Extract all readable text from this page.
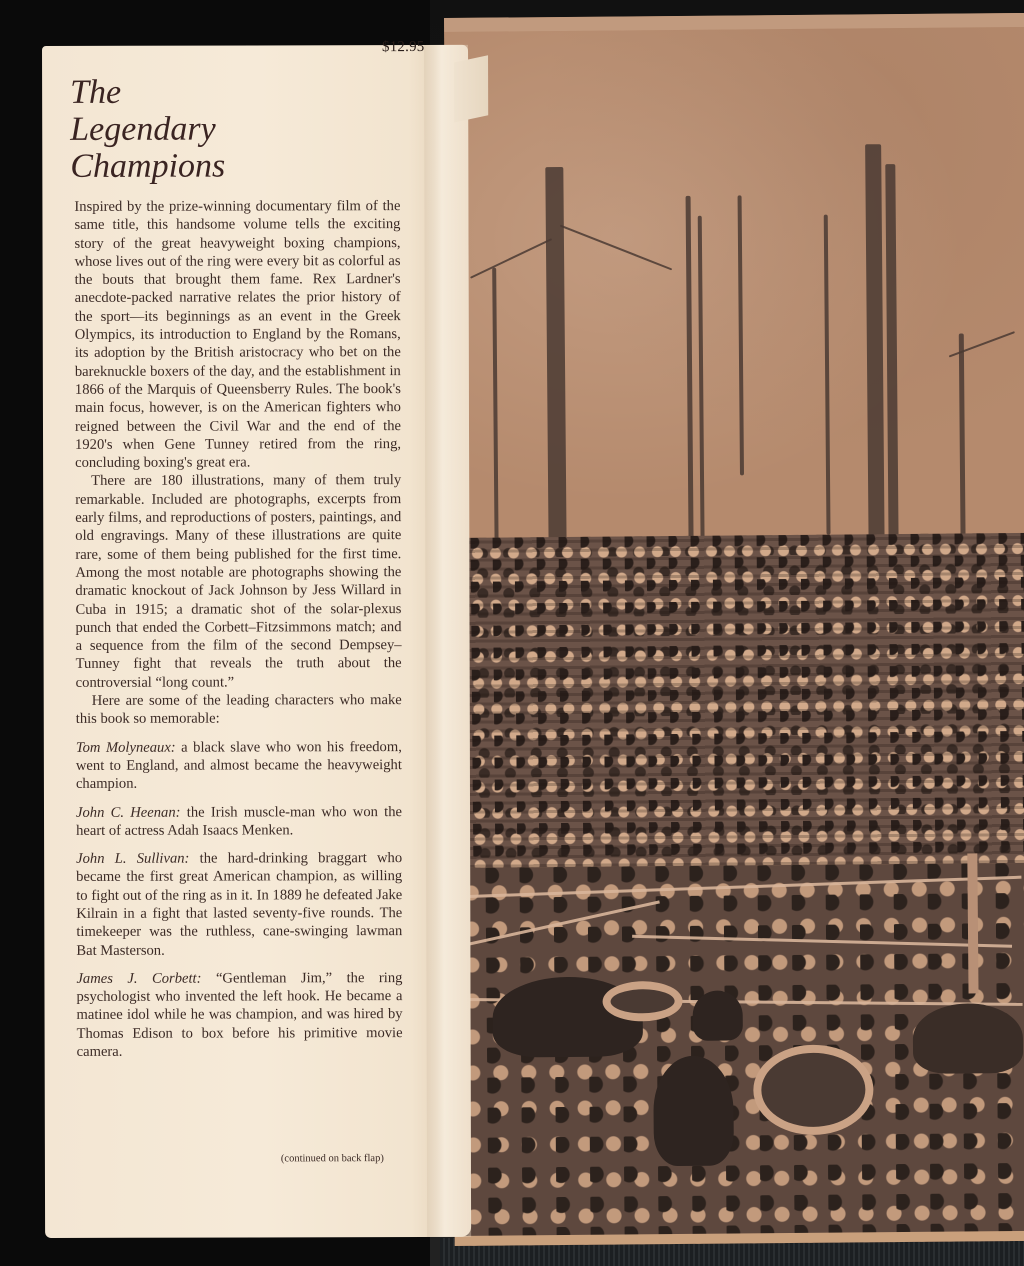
$12.95
The
Legendary
Champions

Inspired by the prize-winning documentary film of the same title, this handsome volume tells the exciting story of the great heavyweight boxing champions, whose lives out of the ring were every bit as colorful as the bouts that brought them fame. Rex Lardner's anecdote-packed narrative relates the prior history of the sport—its beginnings as an event in the Greek Olympics, its introduction to England by the Romans, its adoption by the British aristocracy who bet on the bareknuckle boxers of the day, and the establishment in 1866 of the Marquis of Queensberry Rules. The book's main focus, however, is on the American fighters who reigned between the Civil War and the end of the 1920's when Gene Tunney retired from the ring, concluding boxing's great era.

There are 180 illustrations, many of them truly remarkable. Included are photographs, excerpts from early films, and reproductions of posters, paintings, and old engravings. Many of these illustrations are quite rare, some of them being published for the first time. Among the most notable are photographs showing the dramatic knockout of Jack Johnson by Jess Willard in Cuba in 1915; a dramatic shot of the solar-plexus punch that ended the Corbett–Fitzsimmons match; and a sequence from the film of the second Dempsey–Tunney fight that reveals the truth about the controversial “long count.”

Here are some of the leading characters who make this book so memorable:

Tom Molyneaux: a black slave who won his freedom, went to England, and almost became the heavyweight champion.

John C. Heenan: the Irish muscle-man who won the heart of actress Adah Isaacs Menken.

John L. Sullivan: the hard-drinking braggart who became the first great American champion, as willing to fight out of the ring as in it. In 1889 he defeated Jake Kilrain in a fight that lasted seventy-five rounds. The timekeeper was the ruthless, cane-swinging lawman Bat Masterson.

James J. Corbett: “Gentleman Jim,” the ring psychologist who invented the left hook. He became a matinee idol while he was champion, and was hired by Thomas Edison to box before his primitive movie camera.

(continued on back flap)
